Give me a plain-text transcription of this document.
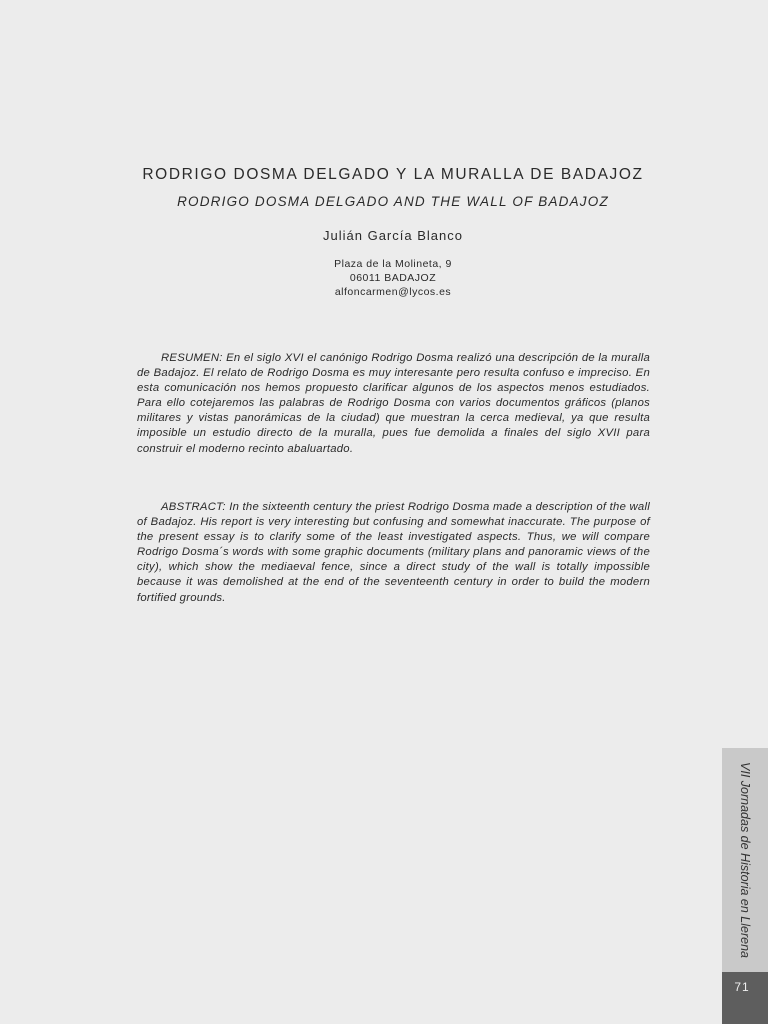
RODRIGO DOSMA DELGADO Y LA MURALLA DE BADAJOZ
RODRIGO DOSMA DELGADO AND THE WALL OF BADAJOZ
Julián García Blanco
Plaza de la Molineta, 9
06011 BADAJOZ
alfoncarmen@lycos.es

RESUMEN: En el siglo XVI el canónigo Rodrigo Dosma realizó una descripción de la muralla de Badajoz. El relato de Rodrigo Dosma es muy interesante pero resulta confuso e impreciso. En esta comunicación nos hemos propuesto clarificar algunos de los aspectos menos estudiados. Para ello cotejaremos las palabras de Rodrigo Dosma con varios documentos gráficos (planos militares y vistas panorámicas de la ciudad) que muestran la cerca medieval, ya que resulta imposible un estudio directo de la muralla, pues fue demolida a finales del siglo XVII para construir el moderno recinto abaluartado.

ABSTRACT: In the sixteenth century the priest Rodrigo Dosma made a description of the wall of Badajoz. His report is very interesting but confusing and somewhat inaccurate. The purpose of the present essay is to clarify some of the least investigated aspects. Thus, we will compare Rodrigo Dosma´s words with some graphic documents (military plans and panoramic views of the city), which show the mediaeval fence, since a direct study of the wall is totally impossible because it was demolished at the end of the seventeenth century in order to build the modern fortified grounds.

VII Jornadas de Historia en Llerena
71
